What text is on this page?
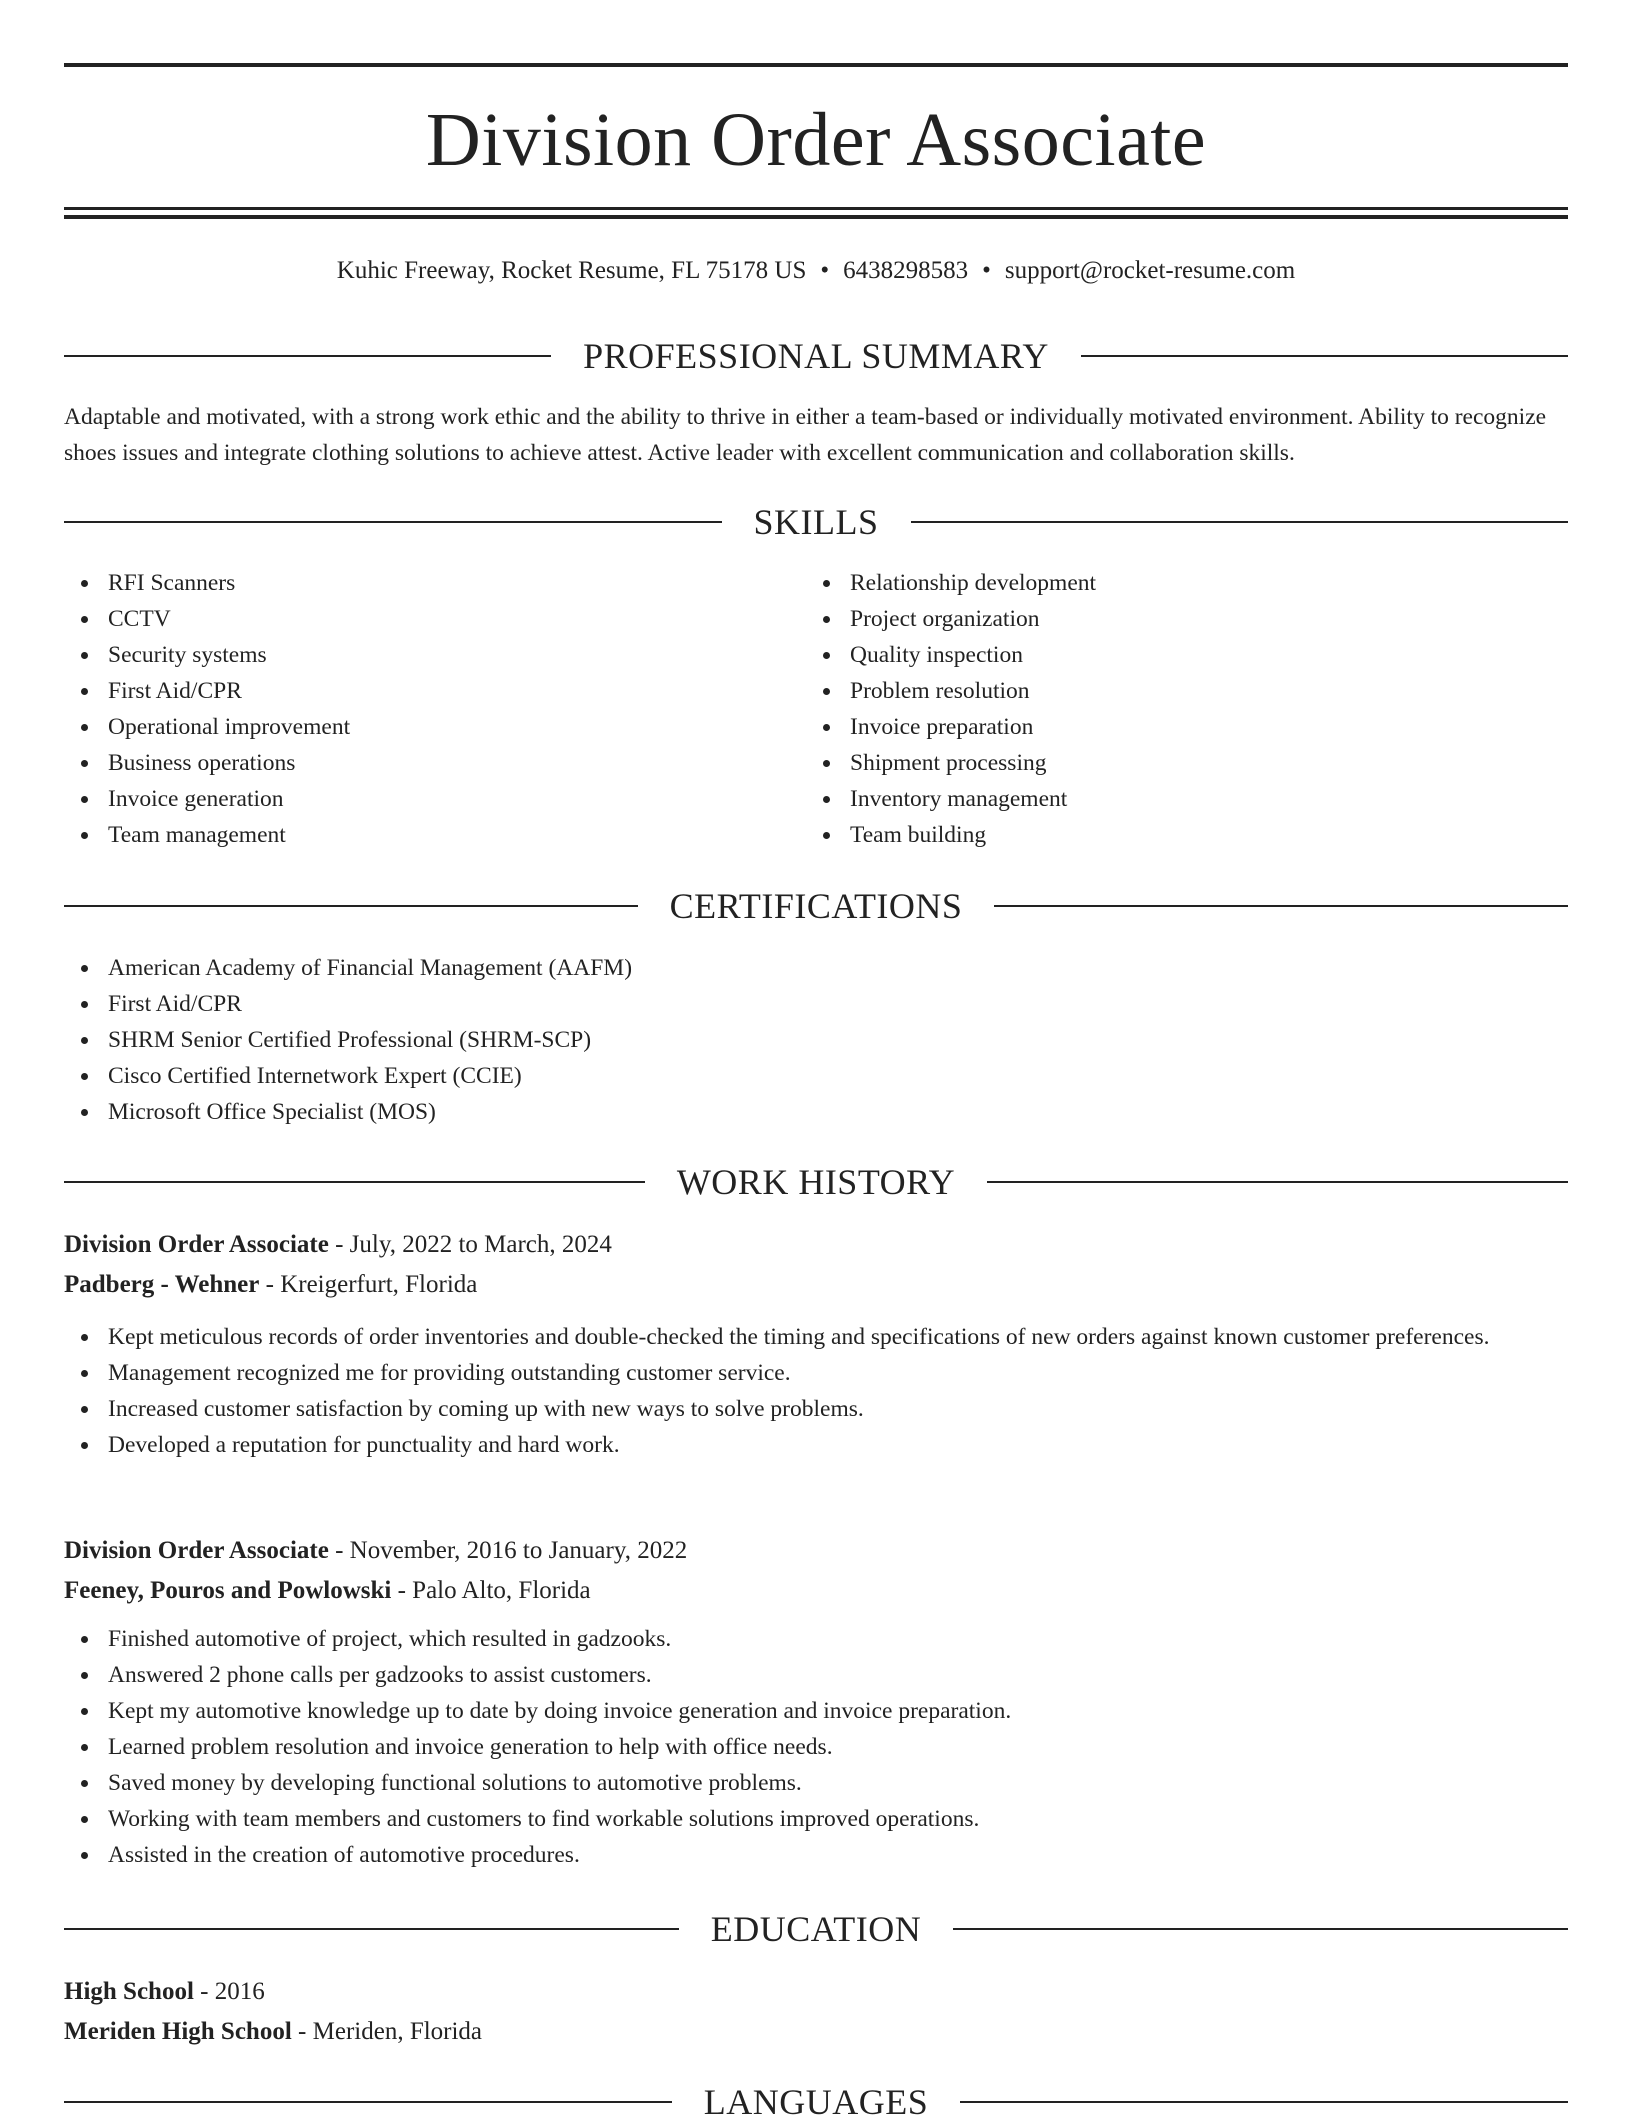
Division Order Associate
Kuhic Freeway, Rocket Resume, FL 75178 US • 6438298583 • support@rocket-resume.com
PROFESSIONAL SUMMARY
Adaptable and motivated, with a strong work ethic and the ability to thrive in either a team-based or individually motivated environment. Ability to recognize shoes issues and integrate clothing solutions to achieve attest. Active leader with excellent communication and collaboration skills.
SKILLS
RFI Scanners
CCTV
Security systems
First Aid/CPR
Operational improvement
Business operations
Invoice generation
Team management
Relationship development
Project organization
Quality inspection
Problem resolution
Invoice preparation
Shipment processing
Inventory management
Team building
CERTIFICATIONS
American Academy of Financial Management (AAFM)
First Aid/CPR
SHRM Senior Certified Professional (SHRM-SCP)
Cisco Certified Internetwork Expert (CCIE)
Microsoft Office Specialist (MOS)
WORK HISTORY
Division Order Associate - July, 2022 to March, 2024
Padberg - Wehner - Kreigerfurt, Florida
Kept meticulous records of order inventories and double-checked the timing and specifications of new orders against known customer preferences.
Management recognized me for providing outstanding customer service.
Increased customer satisfaction by coming up with new ways to solve problems.
Developed a reputation for punctuality and hard work.
Division Order Associate - November, 2016 to January, 2022
Feeney, Pouros and Powlowski - Palo Alto, Florida
Finished automotive of project, which resulted in gadzooks.
Answered 2 phone calls per gadzooks to assist customers.
Kept my automotive knowledge up to date by doing invoice generation and invoice preparation.
Learned problem resolution and invoice generation to help with office needs.
Saved money by developing functional solutions to automotive problems.
Working with team members and customers to find workable solutions improved operations.
Assisted in the creation of automotive procedures.
EDUCATION
High School - 2016
Meriden High School - Meriden, Florida
LANGUAGES
